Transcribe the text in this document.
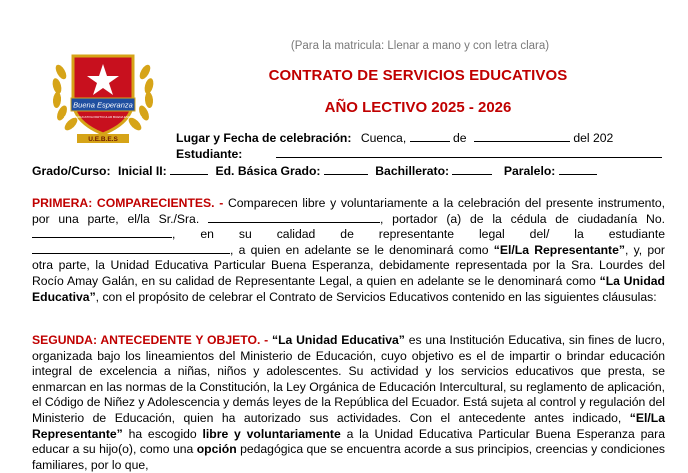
Buena Esperanza
UNIDAD EDUCATIVA PARTICULAR BUENA ESPERANZA
U.E.B.E.S
(Para la matricula: Llenar a mano y con letra clara)
CONTRATO DE SERVICIOS EDUCATIVOS
AÑO LECTIVO 2025 - 2026
Lugar y Fecha de celebración: Cuenca,	de	del 202
Estudiante:
Grado/Curso: Inicial II:	Ed. Básica Grado:	Bachillerato:	Paralelo:
PRIMERA: COMPARECIENTES. - Comparecen libre y voluntariamente a la celebración del presente instrumento, por una parte, el/la Sr./Sra.	, portador (a) de la cédula de ciudadanía No. , en su calidad de representante legal del/ la estudiante , a quien en adelante se le denominará como “El/La Representante”, y, por otra parte, la Unidad Educativa Particular Buena Esperanza, debidamente representada por la Sra. Lourdes del Rocío Amay Galán, en su calidad de Representante Legal, a quien en adelante se le denominará como “La Unidad Educativa”, con el propósito de celebrar el Contrato de Servicios Educativos contenido en las siguientes cláusulas:
SEGUNDA: ANTECEDENTE Y OBJETO. - “La Unidad Educativa” es una Institución Educativa, sin fines de lucro, organizada bajo los lineamientos del Ministerio de Educación, cuyo objetivo es el de impartir o brindar educación integral de excelencia a niñas, niños y adolescentes. Su actividad y los servicios educativos que presta, se enmarcan en las normas de la Constitución, la Ley Orgánica de Educación Intercultural, su reglamento de aplicación, el Código de Niñez y Adolescencia y demás leyes de la República del Ecuador. Está sujeta al control y regulación del Ministerio de Educación, quien ha autorizado sus actividades. Con el antecedente antes indicado, “El/La Representante” ha escogido libre y voluntariamente a la Unidad Educativa Particular Buena Esperanza para educar a su hijo(o), como una opción pedagógica que se encuentra acorde a sus principios, creencias y condiciones familiares, por lo que,
